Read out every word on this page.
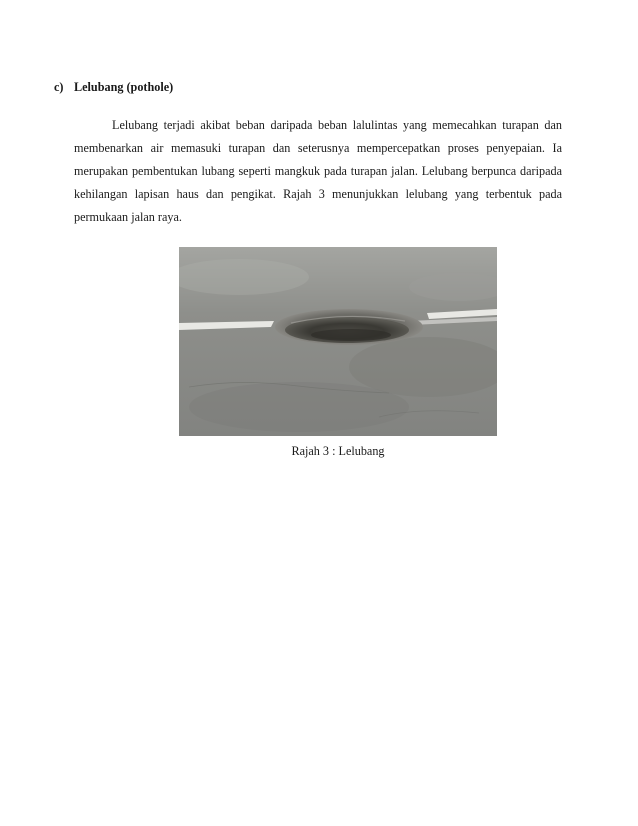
c) Lelubang (pothole)

Lelubang terjadi akibat beban daripada beban lalulintas yang memecahkan turapan dan membenarkan air memasuki turapan dan seterusnya mempercepatkan proses penyepaian. Ia merupakan pembentukan lubang seperti mangkuk pada turapan jalan. Lelubang berpunca daripada kehilangan lapisan haus dan pengikat. Rajah 3 menunjukkan lelubang yang terbentuk pada permukaan jalan raya.

Rajah 3 : Lelubang
